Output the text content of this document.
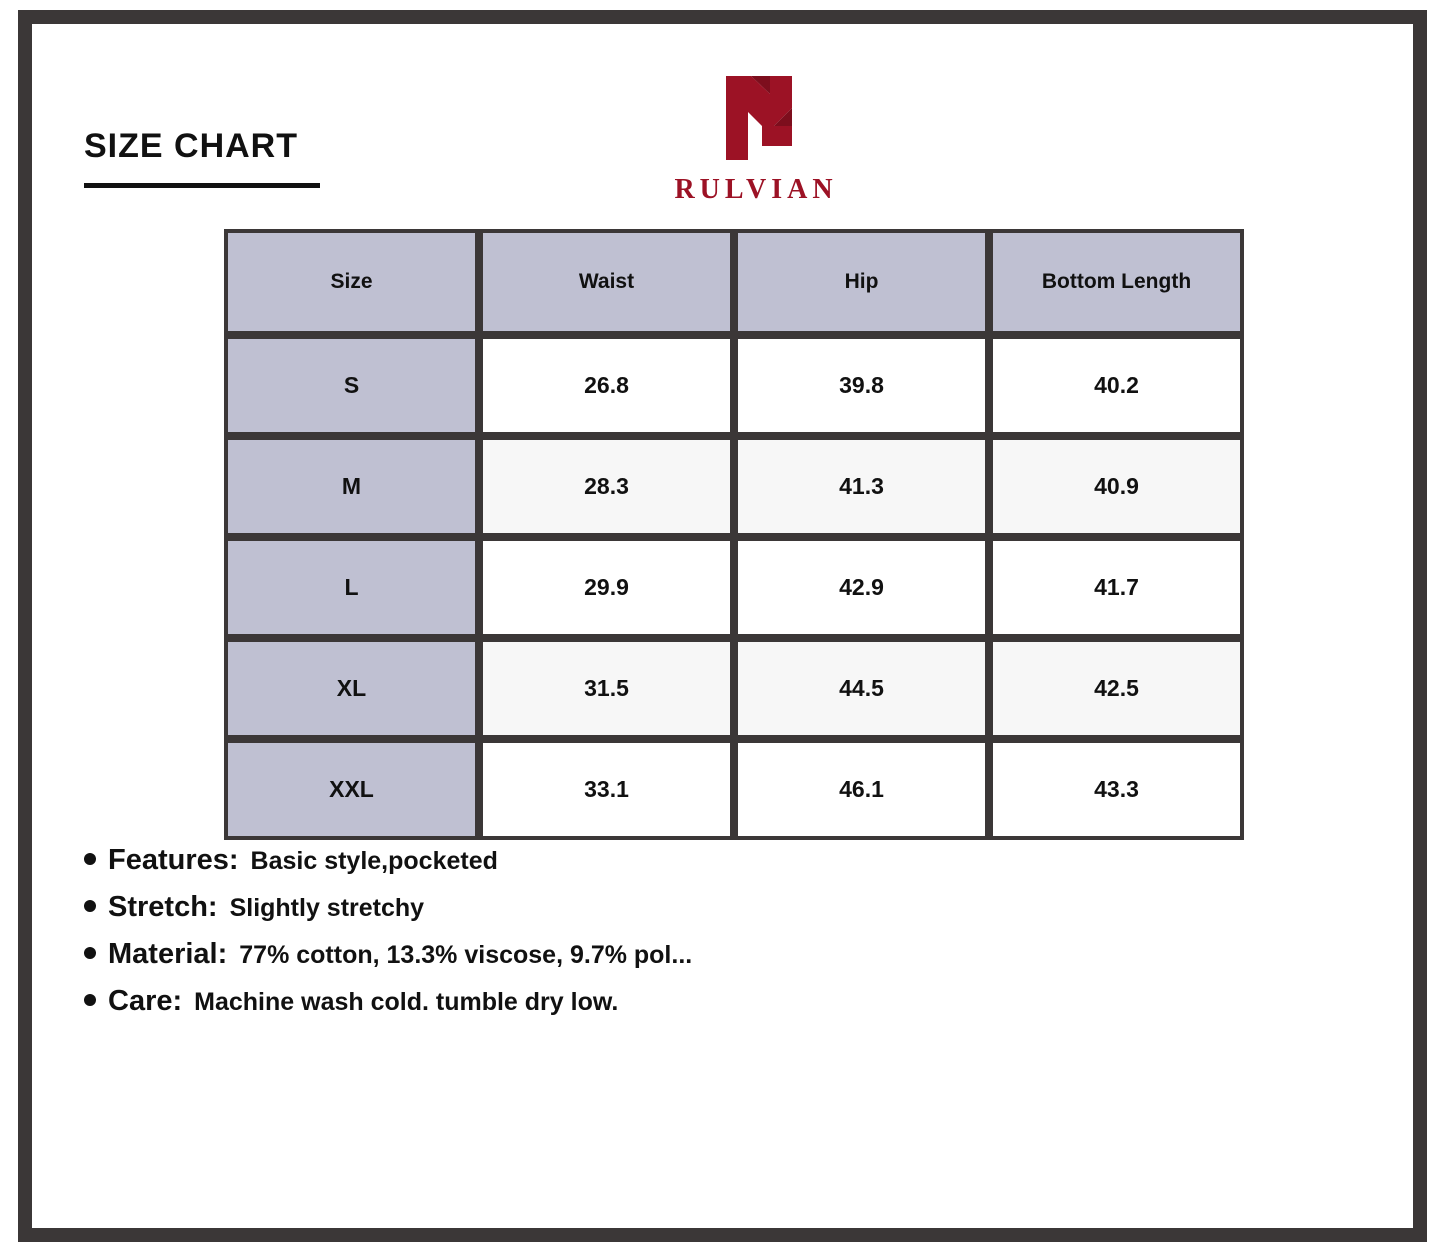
SIZE CHART
RULVIAN
Size	Waist	Hip	Bottom Length
S	26.8	39.8	40.2
M	28.3	41.3	40.9
L	29.9	42.9	41.7
XL	31.5	44.5	42.5
XXL	33.1	46.1	43.3
Features: Basic style,pocketed
Stretch: Slightly stretchy
Material: 77% cotton, 13.3% viscose, 9.7% pol...
Care: Machine wash cold. tumble dry low.
